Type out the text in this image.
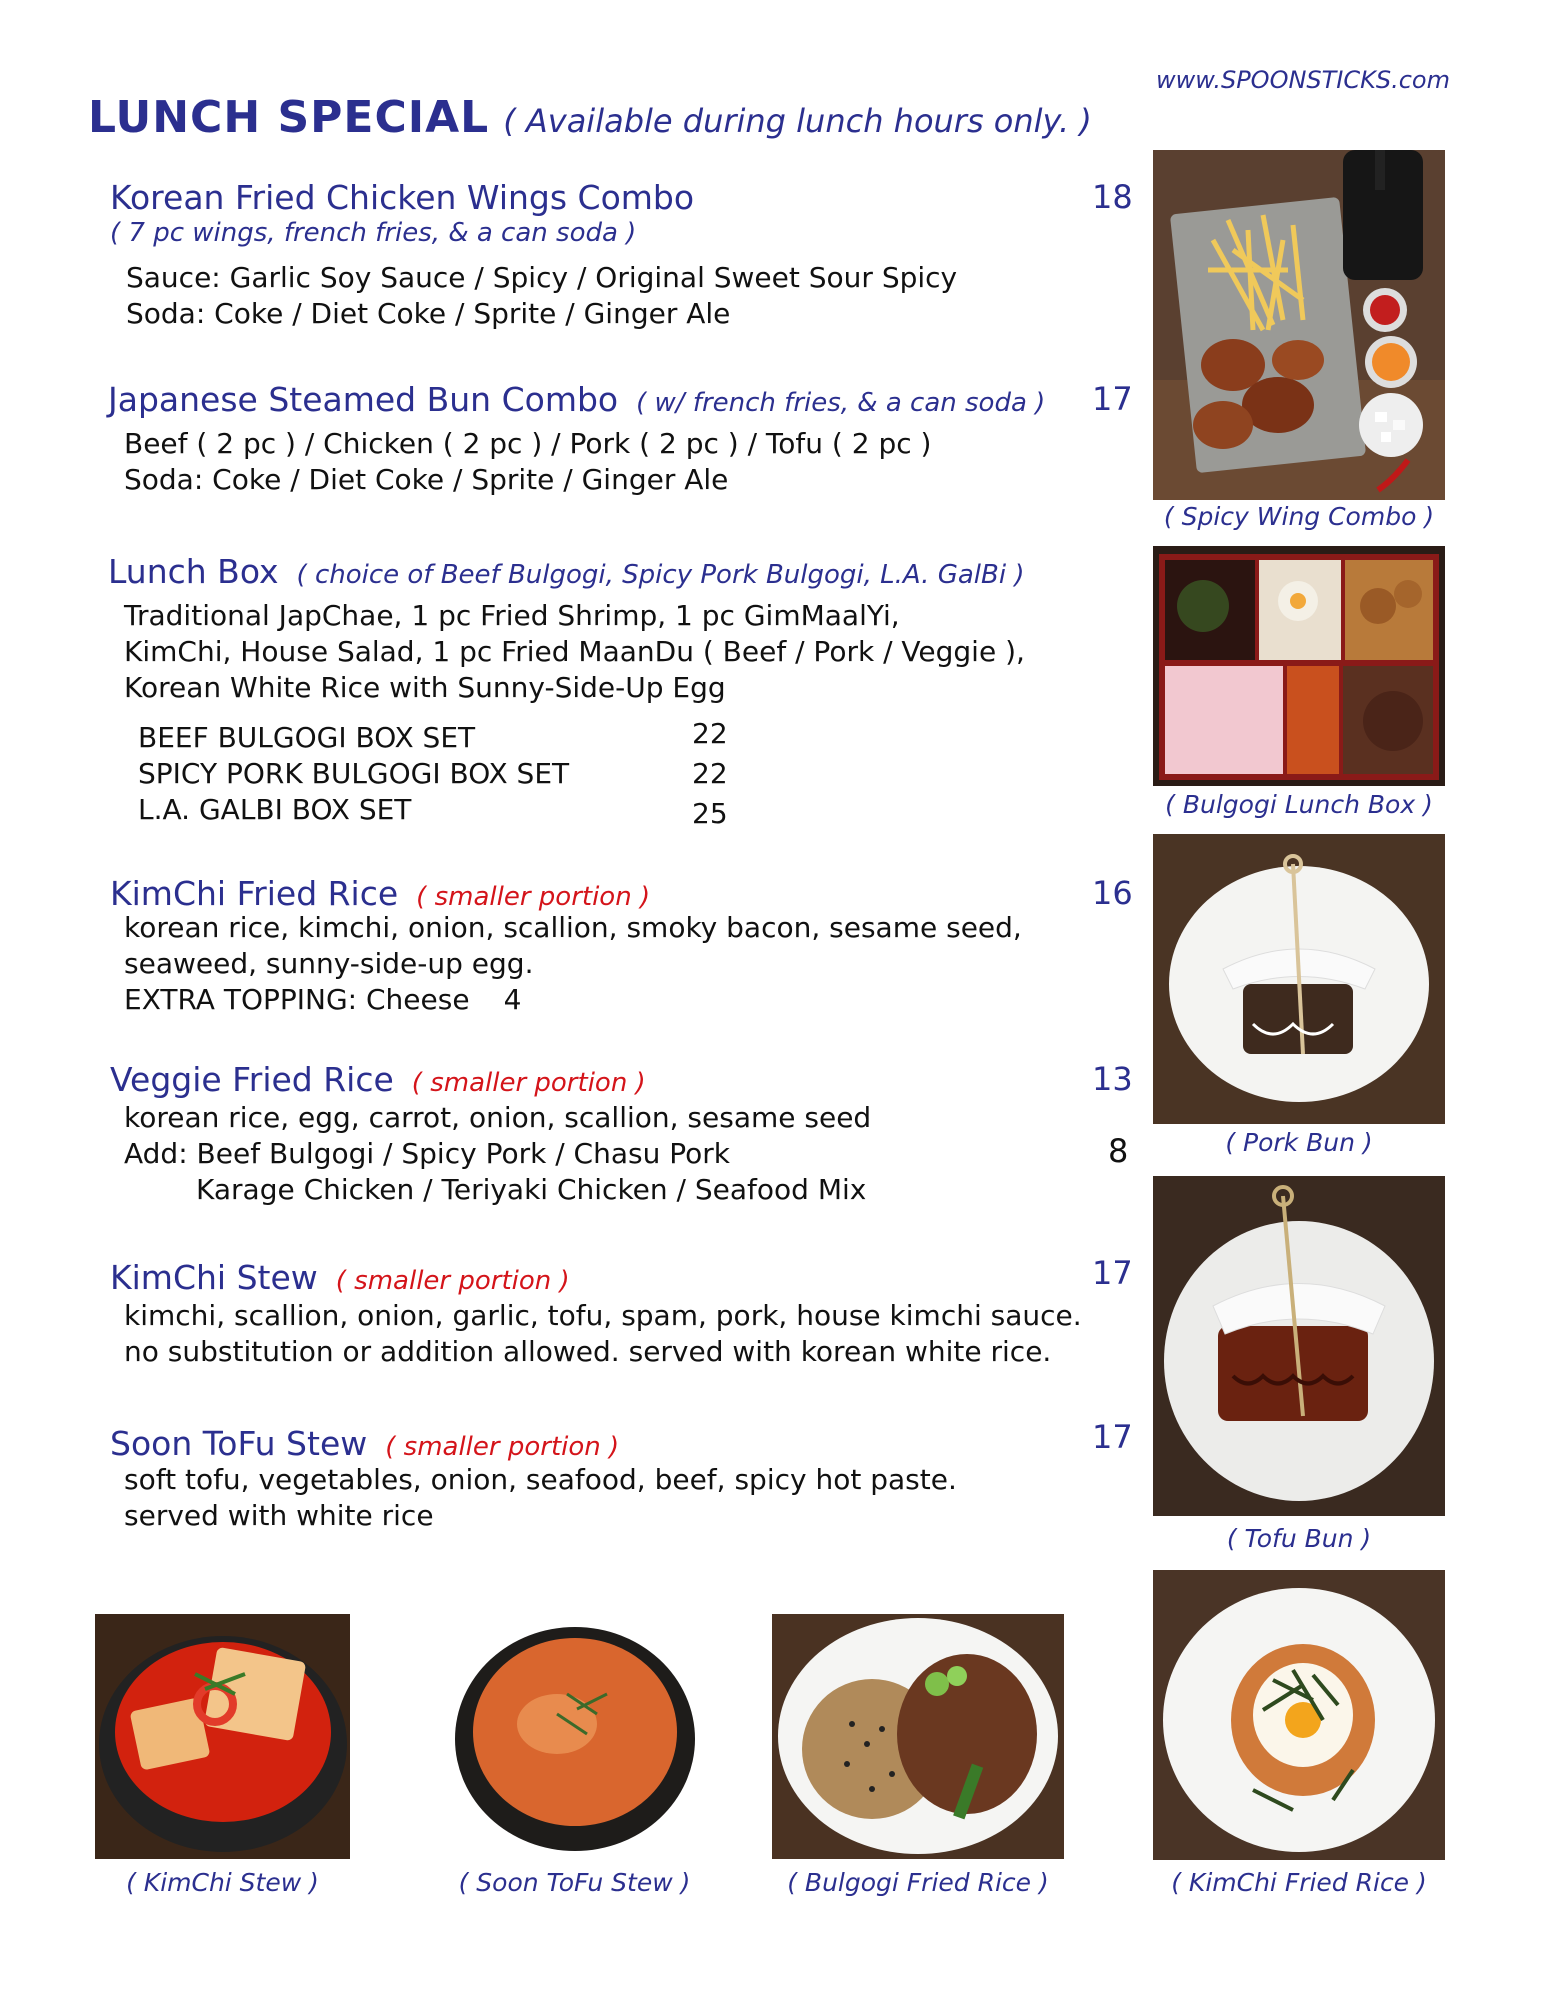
www.SPOONSTICKS.com
LUNCH SPECIAL ( Available during lunch hours only. )
Korean Fried Chicken Wings Combo	18
( 7 pc wings, french fries, & a can soda )
Sauce: Garlic Soy Sauce / Spicy / Original Sweet Sour Spicy
Soda: Coke / Diet Coke / Sprite / Ginger Ale
Japanese Steamed Bun Combo ( w/ french fries, & a can soda ) 17
Beef ( 2 pc ) / Chicken ( 2 pc ) / Pork ( 2 pc ) / Tofu ( 2 pc )
Soda: Coke / Diet Coke / Sprite / Ginger Ale
Lunch Box ( choice of Beef Bulgogi, Spicy Pork Bulgogi, L.A. GalBi )
Traditional JapChae, 1 pc Fried Shrimp, 1 pc GimMaalYi,
KimChi, House Salad, 1 pc Fried MaanDu ( Beef / Pork / Veggie ),
Korean White Rice with Sunny-Side-Up Egg
BEEF BULGOGI BOX SET	22
SPICY PORK BULGOGI BOX SET	22
L.A. GALBI BOX SET	25
KimChi Fried Rice ( smaller portion )	16
korean rice, kimchi, onion, scallion, smoky bacon, sesame seed,
seaweed, sunny-side-up egg.
EXTRA TOPPING: Cheese 4
Veggie Fried Rice ( smaller portion )	13
korean rice, egg, carrot, onion, scallion, sesame seed
Add: Beef Bulgogi / Spicy Pork / Chasu Pork	8
Karage Chicken / Teriyaki Chicken / Seafood Mix
KimChi Stew ( smaller portion )	17
kimchi, scallion, onion, garlic, tofu, spam, pork, house kimchi sauce.
no substitution or addition allowed. served with korean white rice.
Soon ToFu Stew ( smaller portion )	17
soft tofu, vegetables, onion, seafood, beef, spicy hot paste.
served with white rice
( Spicy Wing Combo )
( Bulgogi Lunch Box )
( Pork Bun )
( Tofu Bun )
( KimChi Fried Rice )
( KimChi Stew )	( Soon ToFu Stew )	( Bulgogi Fried Rice )
